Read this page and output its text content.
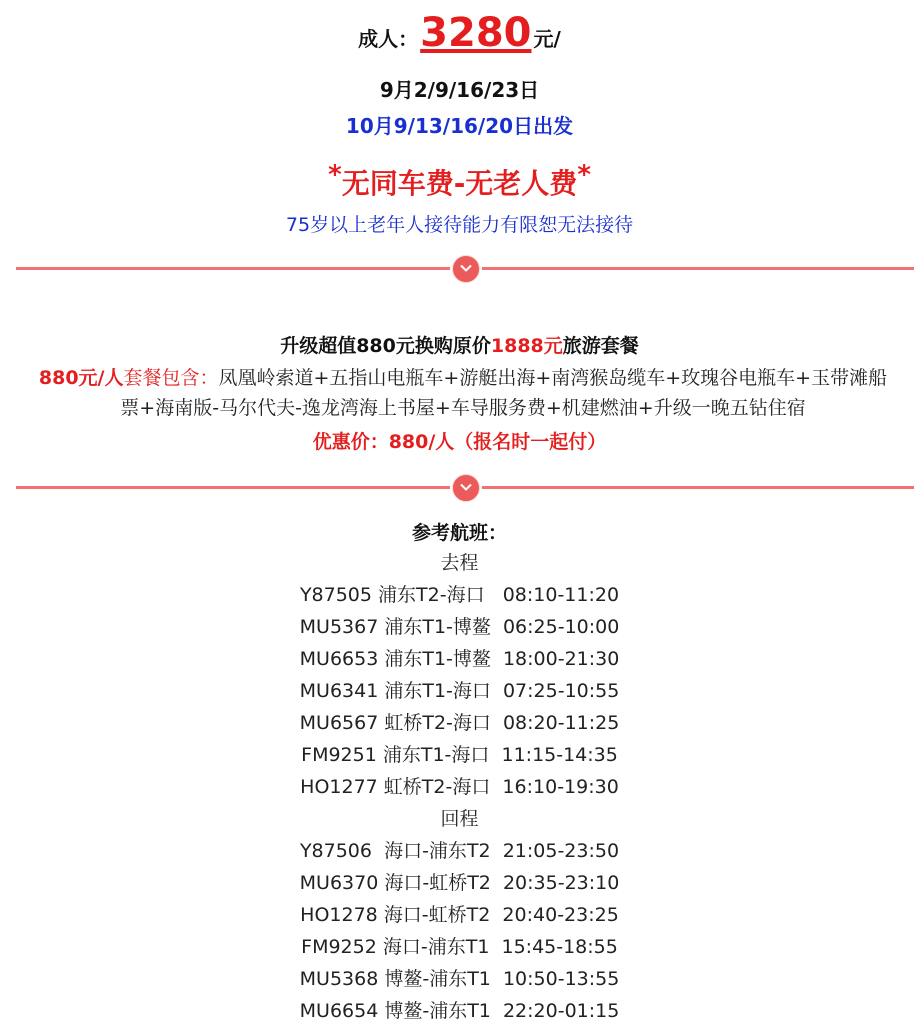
成人：3280 元/
9月2/9/16/23日
10月9/13/16/20日出发
*无同车费-无老人费*
75岁以上老年人接待能力有限恕无法接待
升级超值880元换购原价1888元旅游套餐
880元/人套餐包含：凤凰岭索道+五指山电瓶车+游艇出海+南湾猴岛缆车+玫瑰谷电瓶车+玉带滩船
票+海南版-马尔代夫-逸龙湾海上书屋+车导服务费+机建燃油+升级一晚五钻住宿
优惠价：880/人（报名时一起付）
参考航班：
去程
Y87505 浦东T2-海口   08:10-11:20
MU5367 浦东T1-博鳌  06:25-10:00
MU6653 浦东T1-博鳌  18:00-21:30
MU6341 浦东T1-海口  07:25-10:55
MU6567 虹桥T2-海口  08:20-11:25
FM9251 浦东T1-海口  11:15-14:35
HO1277 虹桥T2-海口  16:10-19:30
回程
Y87506  海口-浦东T2  21:05-23:50
MU6370 海口-虹桥T2  20:35-23:10
HO1278 海口-虹桥T2  20:40-23:25
FM9252 海口-浦东T1  15:45-18:55
MU5368 博鳌-浦东T1  10:50-13:55
MU6654 博鳌-浦东T1  22:20-01:15
